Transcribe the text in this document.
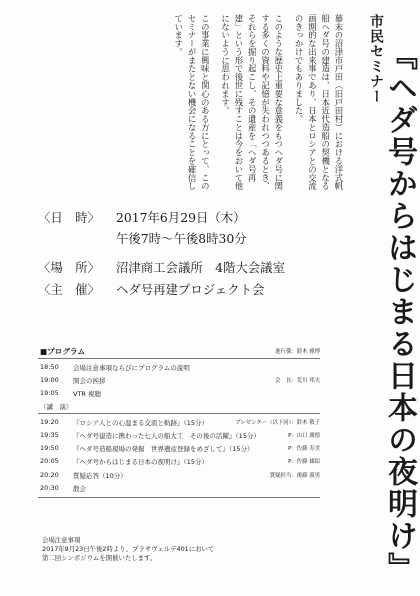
市民セミナー
『ヘダ号からはじまる日本の夜明け』

幕末の沼津市戸田（旧戸田村）における洋式帆船ヘダ号の建造は、日本近代造船の契機となる画期的な出来事であり、日本とロシアとの交流のきっかけでもありました。

このような歴史上重要な意義をもつヘダ号に関する多くの資料や記憶が失われつつあるとき、それらを掘り起こし、その遺産を「ヘダ号再建」という形で後世に残すことは今をおいて他にないように思われます。

この事業に興味と関心のある方にとって、このセミナーがまたとない機会になることを確信しています。

〈日　時〉	2017年6月29日（木）
午後7時〜午後8時30分
〈場　所〉	沼津商工会議所　4階大会議室
〈主　催〉	ヘダ号再建プロジェクト会
■プログラム	進行係：鈴木 雅博
18:50 会場注意事項ならびにプログラムの説明
19:00 開会の挨拶	会　長：荒川 邦夫
19:05 VTR 視聴
（講　演）
19:20 『ロシア人との心温まる交流と軌跡』（15分）	プレゼンター（以下同）：鈴木 敬子
19:35 『ヘダ号建造に携わった七人の船大工　その後の活躍』（15分）	P：山口 廣德
19:50 『ヘダ号造船現場の発掘　世界遺産登録をめざして』（15分）	P：佐藤 寿美
20:05 『ヘダ号からはじまる日本の夜明け』（15分）	P：佐藤 雄紹
20:20 質疑応答（10分）	質疑担当：後藤 義男
20:30 散会
会場注意事項
2017年9月23日午後2時より、プラサヴェルデ401において
第二回シンポジウムを開催いたします。
